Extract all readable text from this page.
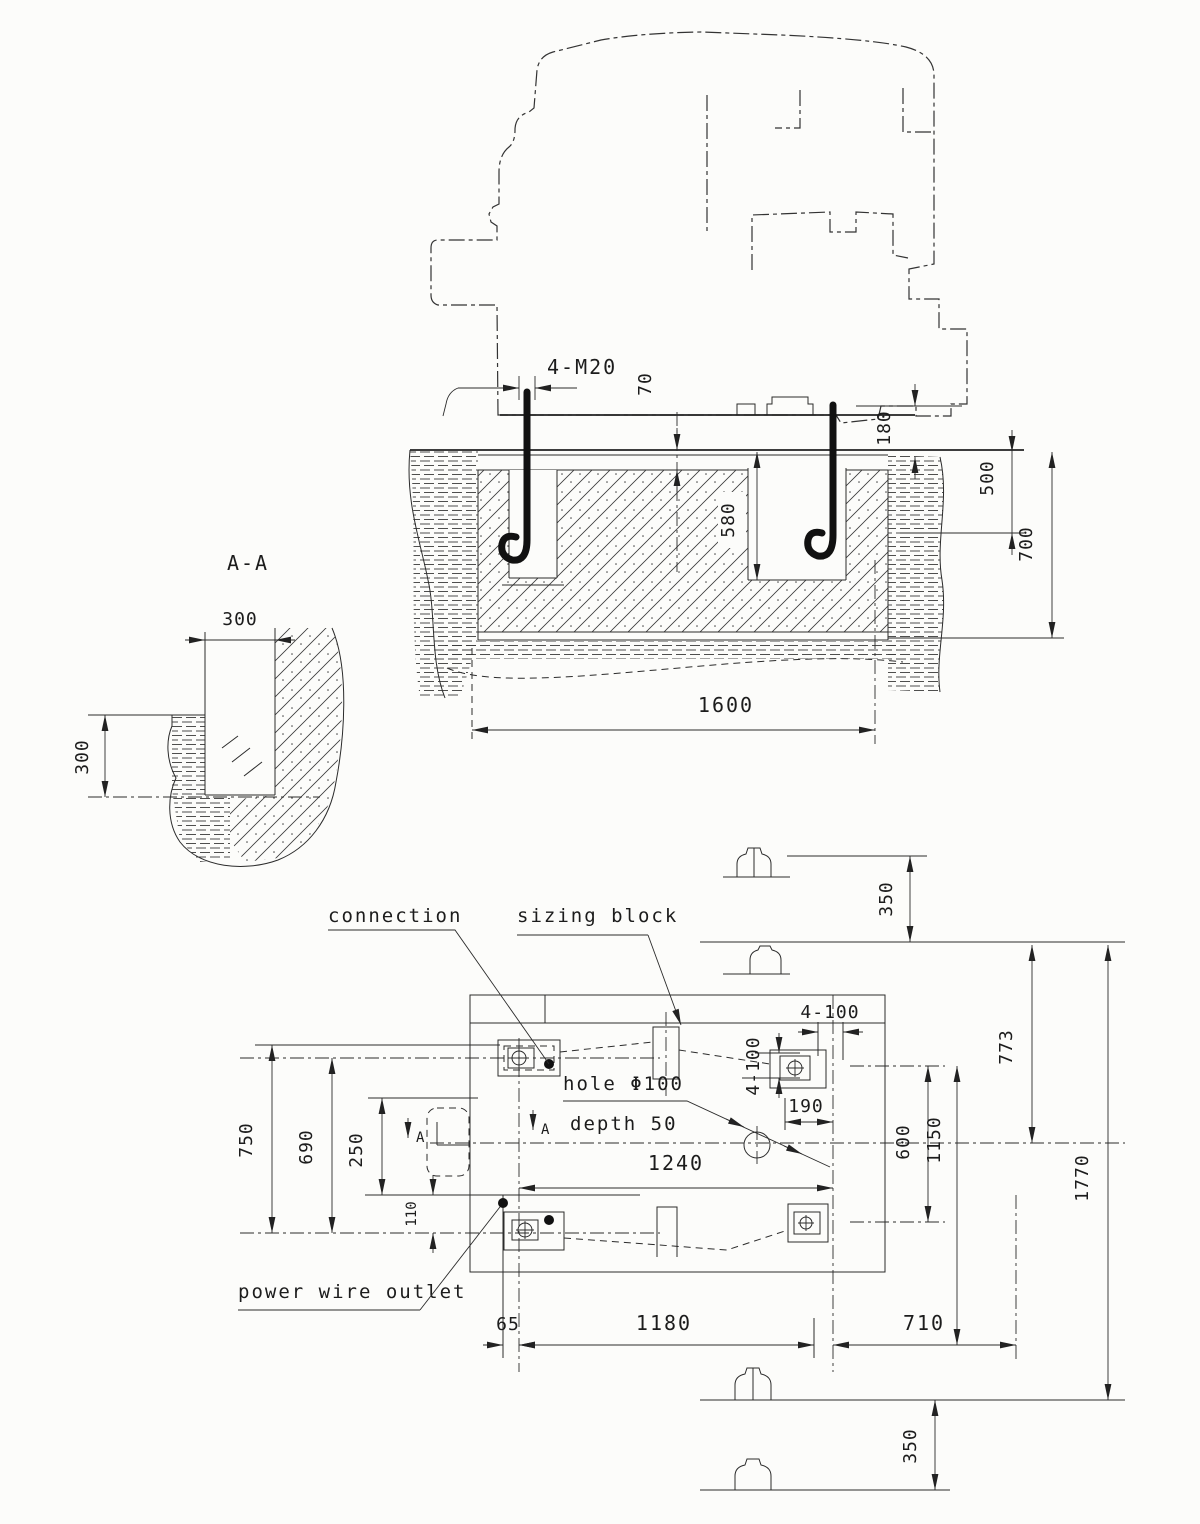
4-M20
70
180
500
700
580
1600
A-A
300
300
A	A
connection	sizing block
hole Φ100
depth 50
power wire outlet
1240
190
4-100
4-100
750 690 250
110
65	1180	710
600 1150
773
1770
350
350
